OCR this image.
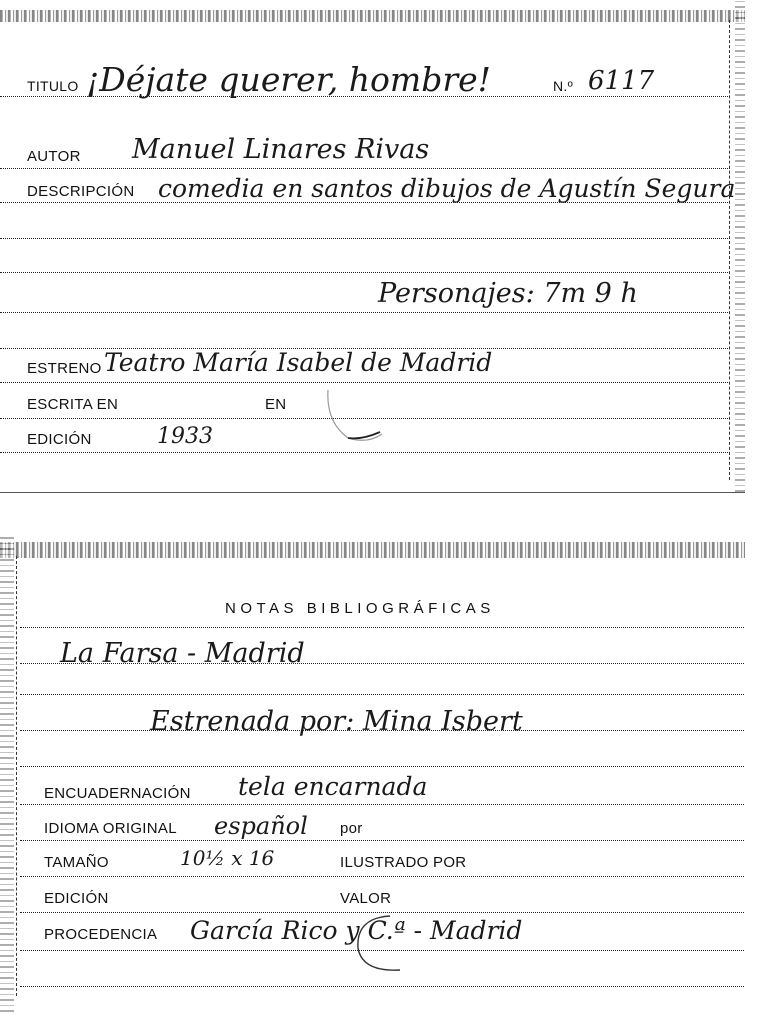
TITULO ¡Déjate querer, hombre!	N.º 6117
AUTOR Manuel Linares Rivas
DESCRIPCIÓN comedia en santos dibujos de Agustín Segura
Personajes: 7m 9 h
ESTRENO Teatro María Isabel de Madrid
ESCRITA EN	EN
EDICIÓN	1933
La Farsa - Madrid
Estrenada por: Mina Isbert
ENCUADERNACIÓN tela encarnada
IDIOMA ORIGINAL español por
TAMAÑO	10½ x 16	ILUSTRADO POR
EDICIÓN	VALOR
PROCEDENCIA García Rico y C.ª - Madrid
NOTAS BIBLIOGRÁFICAS
